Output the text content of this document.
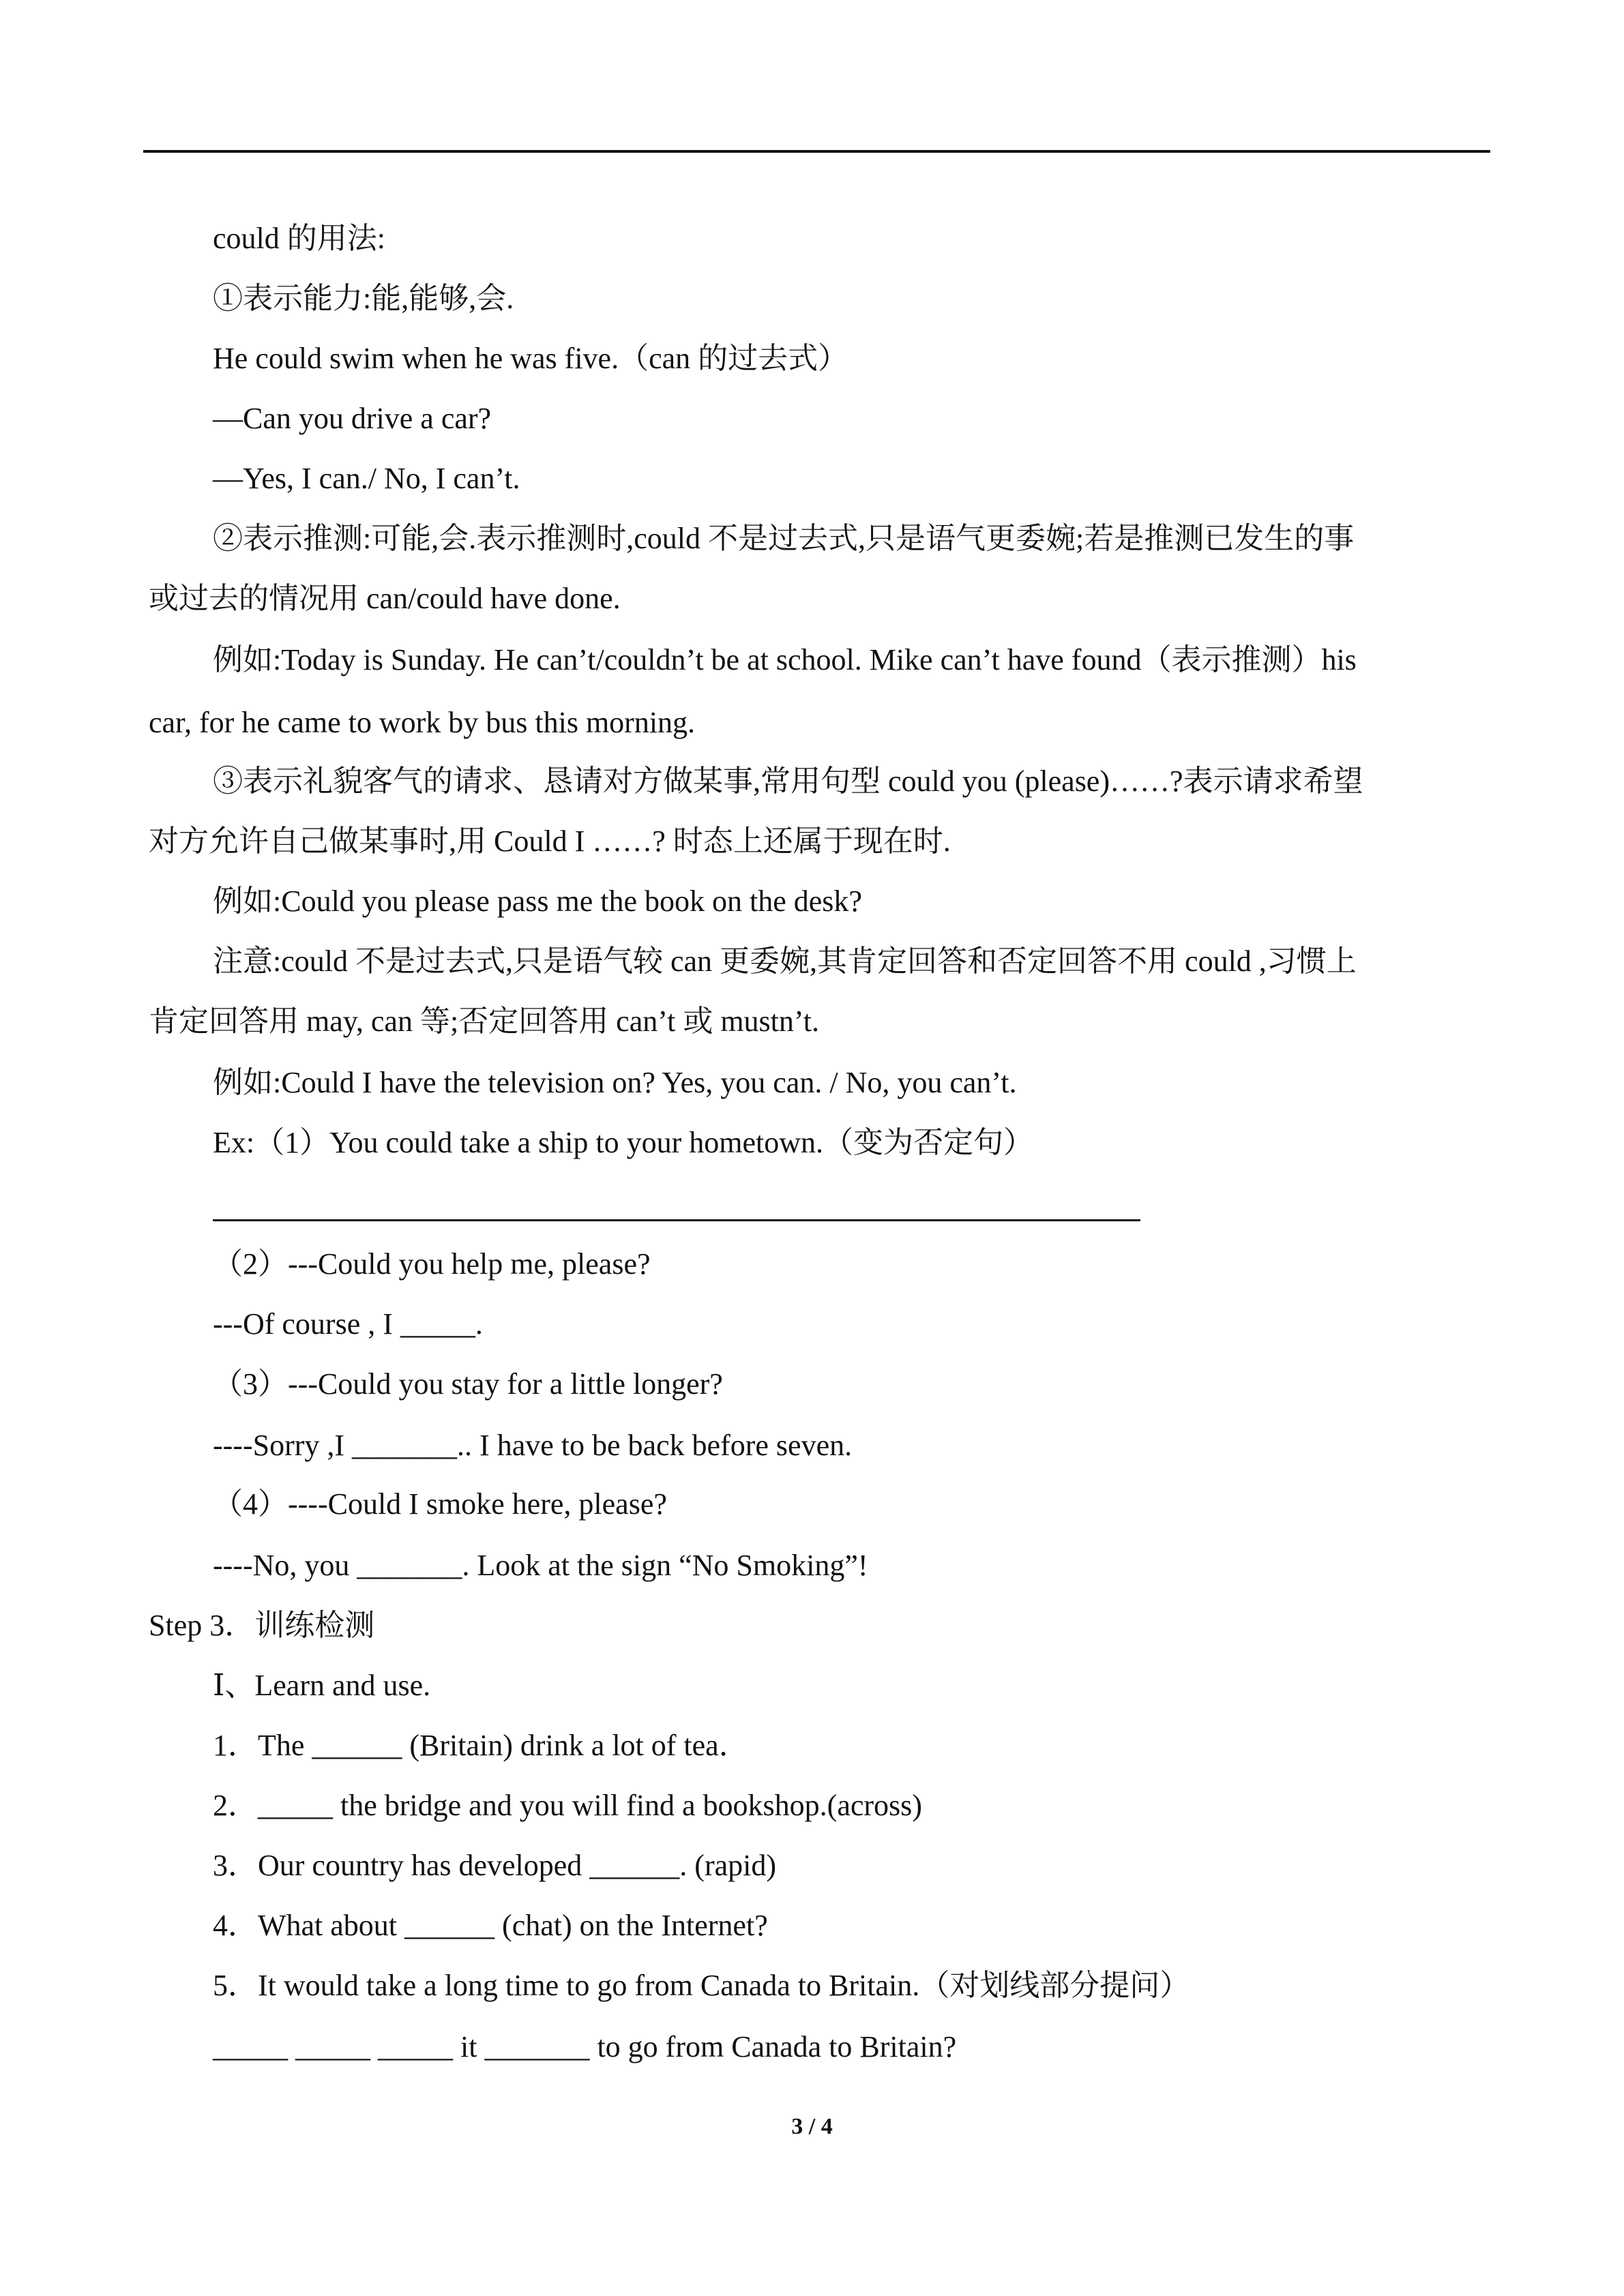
could 的用法:
①表示能力:能,能够,会.
He could swim when he was five.（can 的过去式）
—Can you drive a car?
—Yes, I can./ No, I can’t.
②表示推测:可能,会.表示推测时,could 不是过去式,只是语气更委婉;若是推测已发生的事
或过去的情况用 can/could have done.
例如:Today is Sunday. He can’t/couldn’t be at school. Mike can’t have found（表示推测）his
car, for he came to work by bus this morning.
③表示礼貌客气的请求、恳请对方做某事,常用句型 could you (please)……?表示请求希望
对方允许自己做某事时,用 Could I ……? 时态上还属于现在时.
例如:Could you please pass me the book on the desk?
注意:could 不是过去式,只是语气较 can 更委婉,其肯定回答和否定回答不用 could ,习惯上
肯定回答用 may, can 等;否定回答用 can’t 或 mustn’t.
例如:Could I have the television on? Yes, you can. / No, you can’t.
Ex:（1）You could take a ship to your hometown.（变为否定句）
（2）---Could you help me, please?
---Of course , I _____.
（3）---Could you stay for a little longer?
----Sorry ,I _______.. I have to be back before seven.
（4）----Could I smoke here, please?
----No, you _______. Look at the sign “No Smoking”!
Step 3．训练检测
Ⅰ、Learn and use.
1．The ______ (Britain) drink a lot of tea．
2．_____ the bridge and you will find a bookshop.(across)
3．Our country has developed ______. (rapid)
4．What about ______ (chat) on the Internet?
5．It would take a long time to go from Canada to Britain.（对划线部分提问）
_____ _____ _____ it _______ to go from Canada to Britain?
3 / 4
